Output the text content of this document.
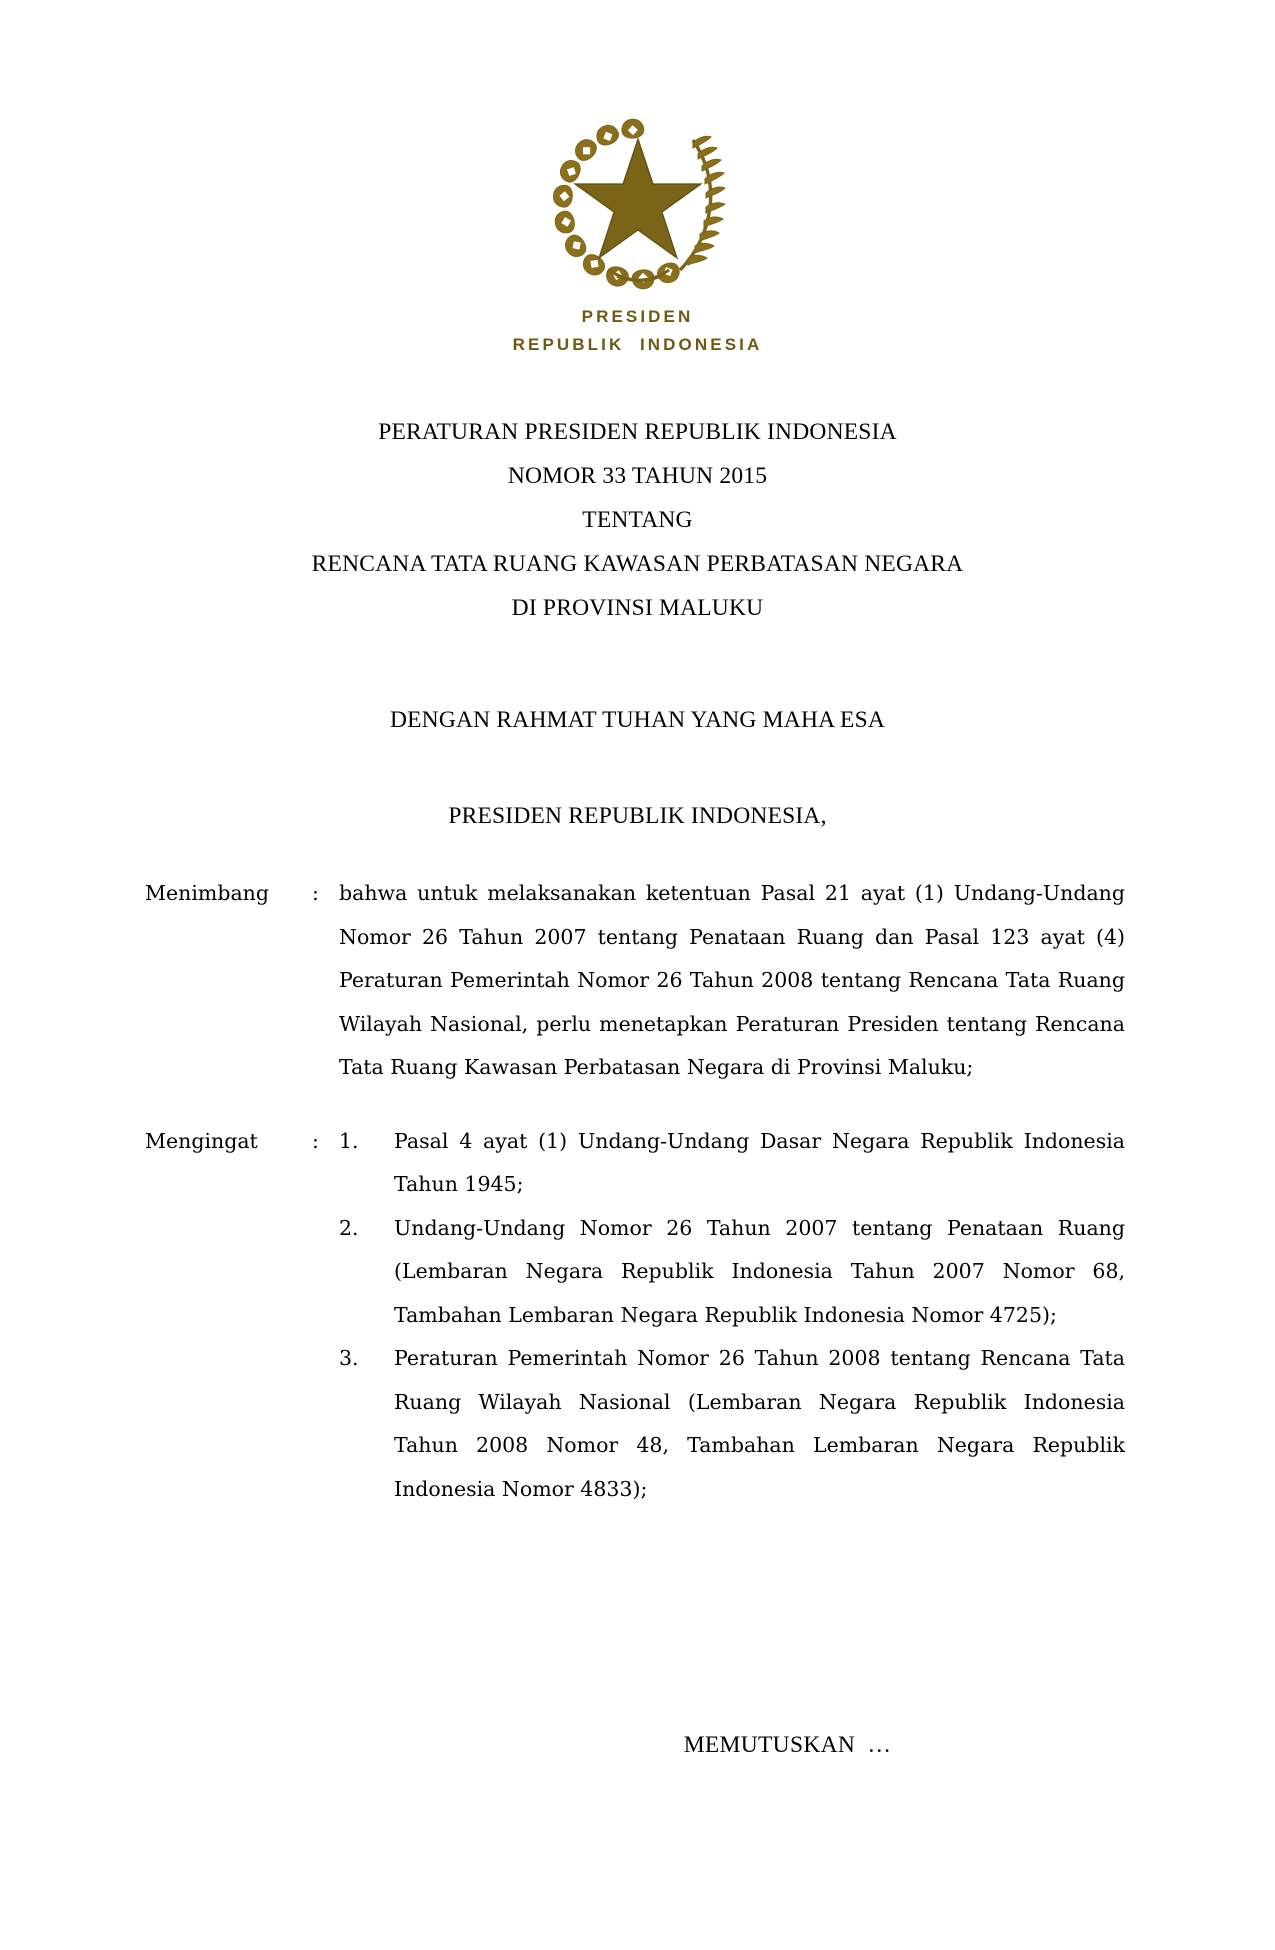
PRESIDEN
REPUBLIK  INDONESIA
PERATURAN PRESIDEN REPUBLIK INDONESIA
NOMOR 33 TAHUN 2015
TENTANG
RENCANA TATA RUANG KAWASAN PERBATASAN NEGARA
DI PROVINSI MALUKU
DENGAN RAHMAT TUHAN YANG MAHA ESA
PRESIDEN REPUBLIK INDONESIA,
Menimbang	: bahwa untuk melaksanakan ketentuan Pasal 21 ayat (1) Undang-Undang Nomor 26 Tahun 2007 tentang Penataan Ruang dan Pasal 123 ayat (4) Peraturan Pemerintah Nomor 26 Tahun 2008 tentang Rencana Tata Ruang Wilayah Nasional, perlu menetapkan Peraturan Presiden tentang Rencana Tata Ruang Kawasan Perbatasan Negara di Provinsi Maluku;

Mengingat	: 1.	Pasal 4 ayat (1) Undang-Undang Dasar Negara Republik Indonesia Tahun 1945;
2.	Undang-Undang Nomor 26 Tahun 2007 tentang Penataan Ruang (Lembaran Negara Republik Indonesia Tahun 2007 Nomor 68, Tambahan Lembaran Negara Republik Indonesia Nomor 4725);
3.	Peraturan Pemerintah Nomor 26 Tahun 2008 tentang Rencana Tata Ruang Wilayah Nasional (Lembaran Negara Republik Indonesia Tahun 2008 Nomor 48, Tambahan Lembaran Negara Republik Indonesia Nomor 4833);
MEMUTUSKAN  …
